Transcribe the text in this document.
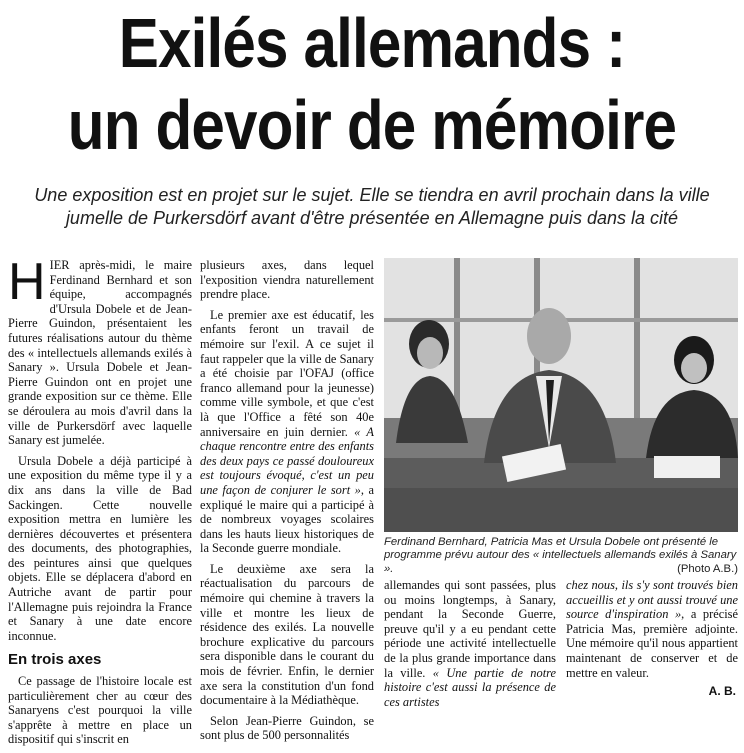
Exilés allemands :
un devoir de mémoire
Une exposition est en projet sur le sujet. Elle se tiendra en avril prochain dans la ville
jumelle de Purkersdörf avant d'être présentée en Allemagne puis dans la cité

HIER après-midi, le maire Ferdinand Bernhard et son équipe, accompagnés d'Ursula Dobele et de Jean-Pierre Guindon, présentaient les futures réalisations autour du thème des « intellectuels allemands exilés à Sanary ». Ursula Dobele et Jean-Pierre Guindon ont en projet une grande exposition sur ce thème. Elle se déroulera au mois d'avril dans la ville de Purkersdörf avec laquelle Sanary est jumelée.

Ursula Dobele a déjà participé à une exposition du même type il y a dix ans dans la ville de Bad Sackingen. Cette nouvelle exposition mettra en lumière les dernières découvertes et présentera des documents, des photographies, des peintures ainsi que quelques objets. Elle se déplacera d'abord en Autriche avant de partir pour l'Allemagne puis rejoindra la France et Sanary à une date encore inconnue.

En trois axes

Ce passage de l'histoire locale est particulièrement cher au cœur des Sanaryens c'est pourquoi la ville s'apprête à mettre en place un dispositif qui s'inscrit en

plusieurs axes, dans lequel l'exposition viendra naturellement prendre place.

Le premier axe est éducatif, les enfants feront un travail de mémoire sur l'exil. A ce sujet il faut rappeler que la ville de Sanary a été choisie par l'OFAJ (office franco allemand pour la jeunesse) comme ville symbole, et que c'est là que l'Office a fêté son 40e anniversaire en juin dernier. « A chaque rencontre entre des enfants des deux pays ce passé douloureux est toujours évoqué, c'est un peu une façon de conjurer le sort », a expliqué le maire qui a participé à de nombreux voyages scolaires dans les hauts lieux historiques de la Seconde guerre mondiale.

Le deuxième axe sera la réactualisation du parcours de mémoire qui chemine à travers la ville et montre les lieux de résidence des exilés. La nouvelle brochure explicative du parcours sera disponible dans le courant du mois de février. Enfin, le dernier axe sera la constitution d'un fond documentaire à la Médiathèque.

Selon Jean-Pierre Guindon, se sont plus de 500 personnalités

Ferdinand Bernhard, Patricia Mas et Ursula Dobele ont présenté le programme prévu autour des « intellectuels allemands exilés à Sanary ».	(Photo A.B.)

allemandes qui sont passées, plus ou moins longtemps, à Sanary, pendant la Seconde Guerre, preuve qu'il y a eu pendant cette période une activité intellectuelle de la plus grande importance dans la ville. « Une partie de notre histoire c'est aussi la présence de ces artistes

chez nous, ils s'y sont trouvés bien accueillis et y ont aussi trouvé une source d'inspiration », a précisé Patricia Mas, première adjointe. Une mémoire qu'il nous appartient maintenant de conserver et de mettre en valeur.

A. B.
